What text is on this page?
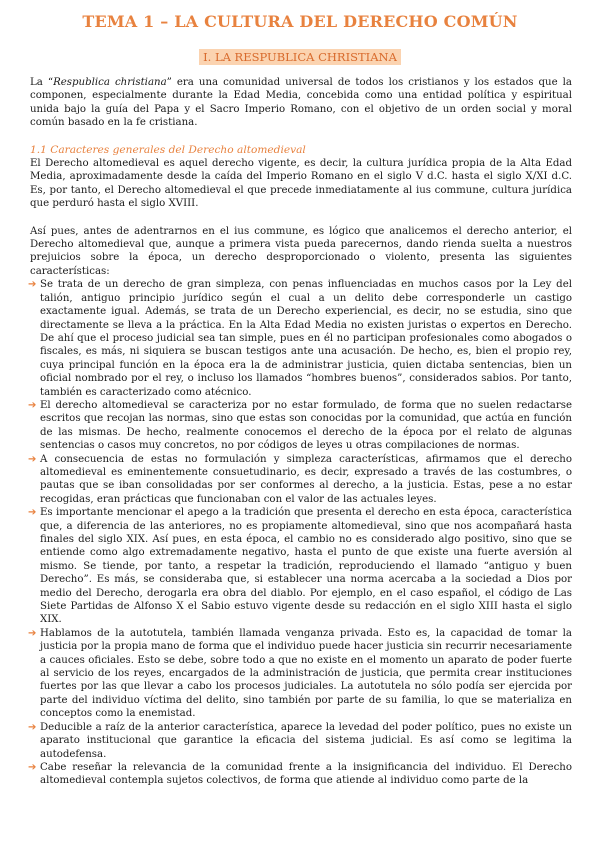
TEMA 1 – LA CULTURA DEL DERECHO COMÚN
I. LA RESPUBLICA CHRISTIANA

La “Respublica christiana” era una comunidad universal de todos los cristianos y los estados que la componen, especialmente durante la Edad Media, concebida como una entidad política y espiritual unida bajo la guía del Papa y el Sacro Imperio Romano, con el objetivo de un orden social y moral común basado en la fe cristiana.

1.1 Caracteres generales del Derecho altomedieval

El Derecho altomedieval es aquel derecho vigente, es decir, la cultura jurídica propia de la Alta Edad Media, aproximadamente desde la caída del Imperio Romano en el siglo V d.C. hasta el siglo X/XI d.C. Es, por tanto, el Derecho altomedieval el que precede inmediatamente al ius commune, cultura jurídica que perduró hasta el siglo XVIII.

Así pues, antes de adentrarnos en el ius commune, es lógico que analicemos el derecho anterior, el Derecho altomedieval que, aunque a primera vista pueda parecernos, dando rienda suelta a nuestros prejuicios sobre la época, un derecho desproporcionado o violento, presenta las siguientes características:

➔ Se trata de un derecho de gran simpleza, con penas influenciadas en muchos casos por la Ley del talión, antiguo principio jurídico según el cual a un delito debe corresponderle un castigo exactamente igual. Además, se trata de un Derecho experiencial, es decir, no se estudia, sino que directamente se lleva a la práctica. En la Alta Edad Media no existen juristas o expertos en Derecho. De ahí que el proceso judicial sea tan simple, pues en él no participan profesionales como abogados o fiscales, es más, ni siquiera se buscan testigos ante una acusación. De hecho, es, bien el propio rey, cuya principal función en la época era la de administrar justicia, quien dictaba sentencias, bien un oficial nombrado por el rey, o incluso los llamados “hombres buenos”, considerados sabios. Por tanto, también es caracterizado como atécnico.
➔ El derecho altomedieval se caracteriza por no estar formulado, de forma que no suelen redactarse escritos que recojan las normas, sino que estas son conocidas por la comunidad, que actúa en función de las mismas. De hecho, realmente conocemos el derecho de la época por el relato de algunas sentencias o casos muy concretos, no por códigos de leyes u otras compilaciones de normas.
➔ A consecuencia de estas no formulación y simpleza características, afirmamos que el derecho altomedieval es eminentemente consuetudinario, es decir, expresado a través de las costumbres, o pautas que se iban consolidadas por ser conformes al derecho, a la justicia. Estas, pese a no estar recogidas, eran prácticas que funcionaban con el valor de las actuales leyes.
➔ Es importante mencionar el apego a la tradición que presenta el derecho en esta época, característica que, a diferencia de las anteriores, no es propiamente altomedieval, sino que nos acompañará hasta finales del siglo XIX. Así pues, en esta época, el cambio no es considerado algo positivo, sino que se entiende como algo extremadamente negativo, hasta el punto de que existe una fuerte aversión al mismo. Se tiende, por tanto, a respetar la tradición, reproduciendo el llamado “antiguo y buen Derecho”. Es más, se consideraba que, si establecer una norma acercaba a la sociedad a Dios por medio del Derecho, derogarla era obra del diablo. Por ejemplo, en el caso español, el código de Las Siete Partidas de Alfonso X el Sabio estuvo vigente desde su redacción en el siglo XIII hasta el siglo XIX.
➔ Hablamos de la autotutela, también llamada venganza privada. Esto es, la capacidad de tomar la justicia por la propia mano de forma que el individuo puede hacer justicia sin recurrir necesariamente a cauces oficiales. Esto se debe, sobre todo a que no existe en el momento un aparato de poder fuerte al servicio de los reyes, encargados de la administración de justicia, que permita crear instituciones fuertes por las que llevar a cabo los procesos judiciales. La autotutela no sólo podía ser ejercida por parte del individuo víctima del delito, sino también por parte de su familia, lo que se materializa en conceptos como la enemistad.
➔ Deducible a raíz de la anterior característica, aparece la levedad del poder político, pues no existe un aparato institucional que garantice la eficacia del sistema judicial. Es así como se legitima la autodefensa.
➔ Cabe reseñar la relevancia de la comunidad frente a la insignificancia del individuo. El Derecho altomedieval contempla sujetos colectivos, de forma que atiende al individuo como parte de la
